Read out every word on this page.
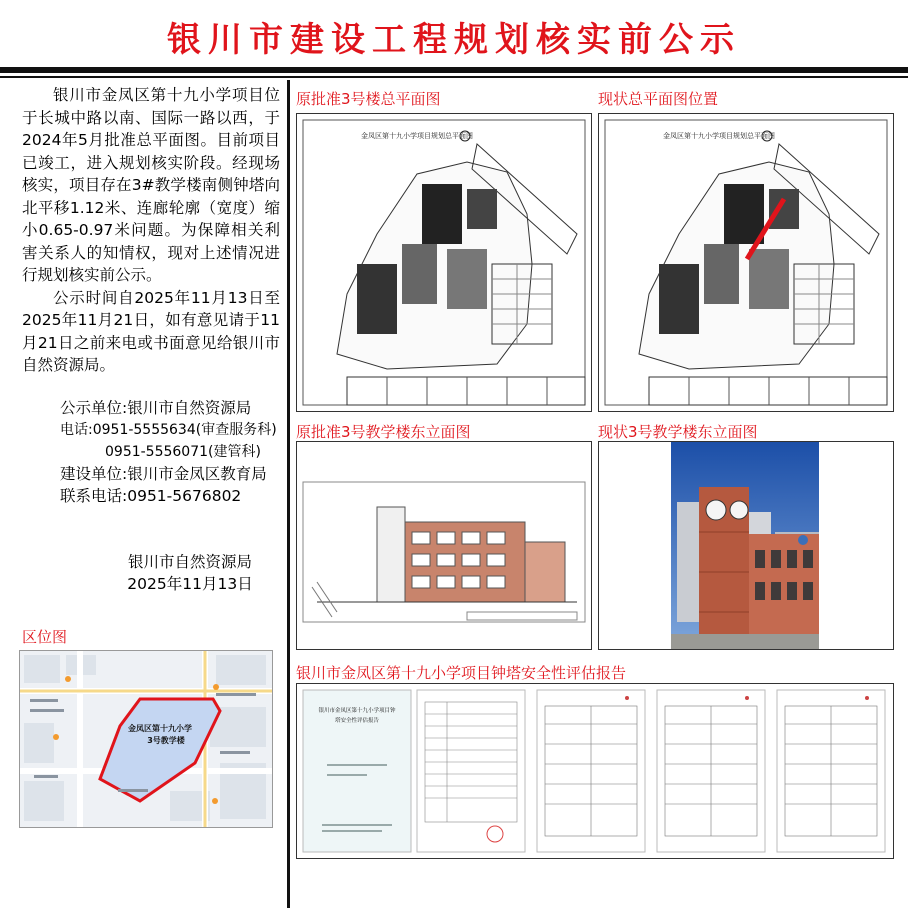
银川市建设工程规划核实前公示

银川市金凤区第十九小学项目位于长城中路以南、国际一路以西，于2024年5月批准总平面图。目前项目已竣工，进入规划核实阶段。经现场核实，项目存在3#教学楼南侧钟塔向北平移1.12米、连廊轮廓（宽度）缩小0.65-0.97米问题。为保障相关利害关系人的知情权，现对上述情况进行规划核实前公示。

公示时间自2025年11月13日至2025年11月21日，如有意见请于11月21日之前来电或书面意见给银川市自然资源局。

公示单位:银川市自然资源局
电话:0951-5555634(审查服务科)
0951-5556071(建管科)
建设单位:银川市金凤区教育局
联系电话:0951-5676802
银川市自然资源局
2025年11月13日
区位图
金凤区第十九小学
3号教学楼
原批准3号楼总平面图
金凤区第十九小学项目规划总平面图
现状总平面图位置
金凤区第十九小学项目规划总平面图
原批准3号教学楼东立面图	现状3号教学楼东立面图
银川市金凤区第十九小学项目钟塔安全性评估报告
银川市金凤区第十九小学项目钟
塔安全性评估报告
